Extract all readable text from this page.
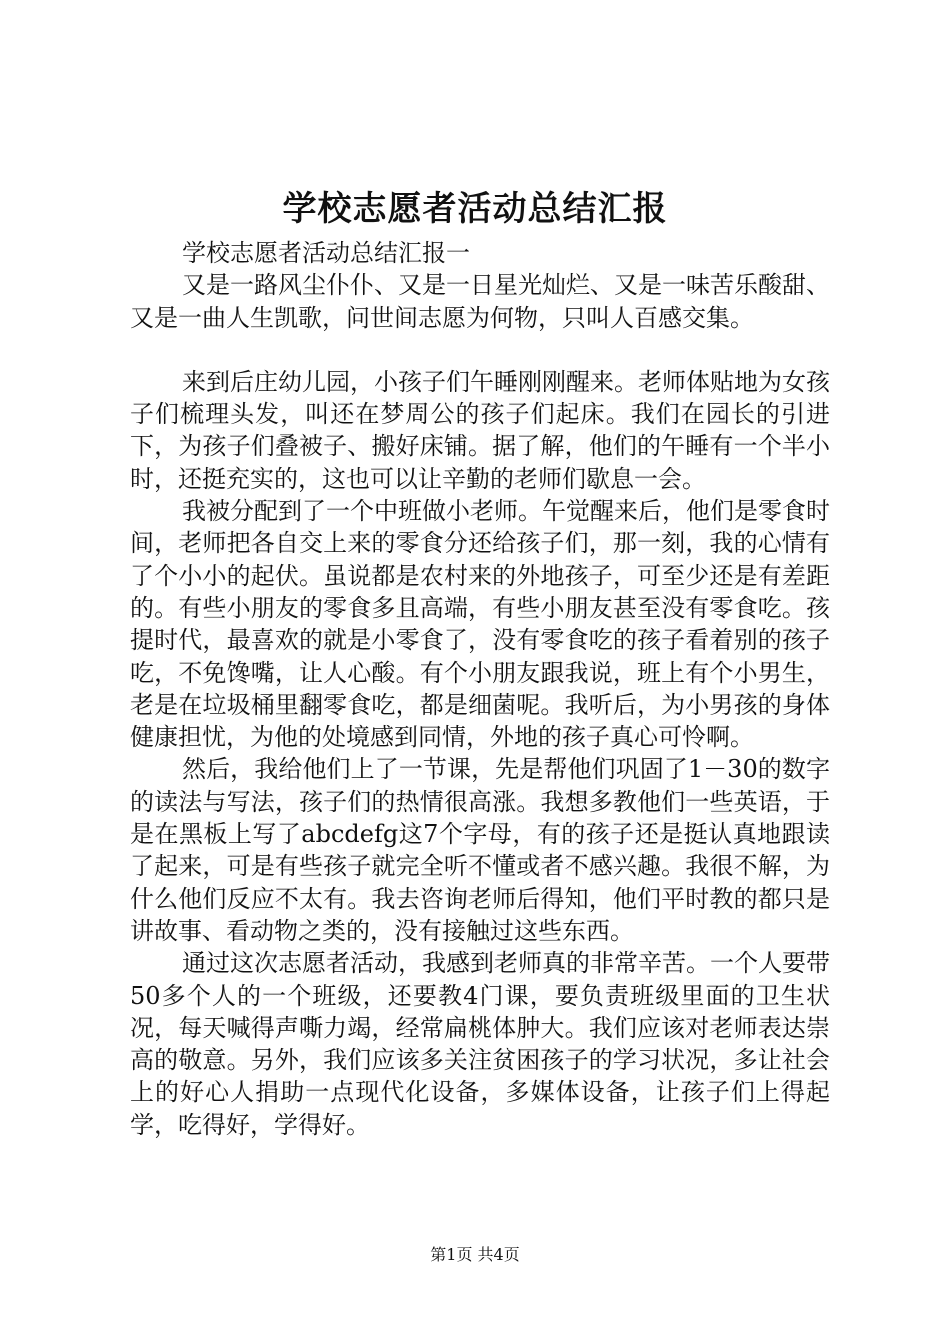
学校志愿者活动总结汇报

学校志愿者活动总结汇报一

又是一路风尘仆仆、又是一日星光灿烂、又是一味苦乐酸甜、又是一曲人生凯歌，问世间志愿为何物，只叫人百感交集。

来到后庄幼儿园，小孩子们午睡刚刚醒来。老师体贴地为女孩子们梳理头发，叫还在梦周公的孩子们起床。我们在园长的引进下，为孩子们叠被子、搬好床铺。据了解，他们的午睡有一个半小时，还挺充实的，这也可以让辛勤的老师们歇息一会。

我被分配到了一个中班做小老师。午觉醒来后，他们是零食时间，老师把各自交上来的零食分还给孩子们，那一刻，我的心情有了个小小的起伏。虽说都是农村来的外地孩子，可至少还是有差距的。有些小朋友的零食多且高端，有些小朋友甚至没有零食吃。孩提时代，最喜欢的就是小零食了，没有零食吃的孩子看着别的孩子吃，不免馋嘴，让人心酸。有个小朋友跟我说，班上有个小男生，老是在垃圾桶里翻零食吃，都是细菌呢。我听后，为小男孩的身体健康担忧，为他的处境感到同情，外地的孩子真心可怜啊。

然后，我给他们上了一节课，先是帮他们巩固了1－30的数字的读法与写法，孩子们的热情很高涨。我想多教他们一些英语，于是在黑板上写了abcdefg这7个字母，有的孩子还是挺认真地跟读了起来，可是有些孩子就完全听不懂或者不感兴趣。我很不解，为什么他们反应不太有。我去咨询老师后得知，他们平时教的都只是讲故事、看动物之类的，没有接触过这些东西。

通过这次志愿者活动，我感到老师真的非常辛苦。一个人要带50多个人的一个班级，还要教4门课，要负责班级里面的卫生状况，每天喊得声嘶力竭，经常扁桃体肿大。我们应该对老师表达崇高的敬意。另外，我们应该多关注贫困孩子的学习状况，多让社会上的好心人捐助一点现代化设备，多媒体设备，让孩子们上得起学，吃得好，学得好。

第1页 共4页
